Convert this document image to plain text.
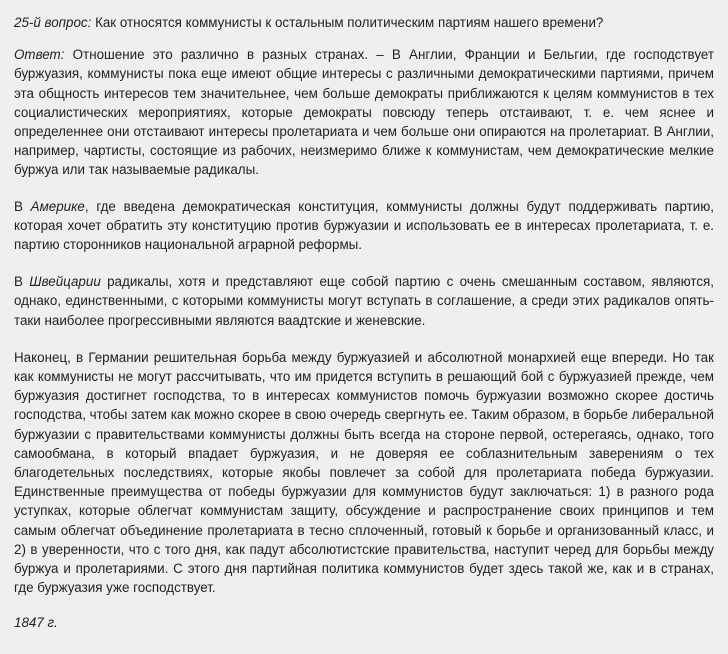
25-й вопрос: Как относятся коммунисты к остальным политическим партиям нашего времени?

Ответ: Отношение это различно в разных странах. – В Англии, Франции и Бельгии, где господствует буржуазия, коммунисты пока еще имеют общие интересы с различными демократическими партиями, причем эта общность интересов тем значительнее, чем больше демократы приближаются к целям коммунистов в тех социалистических мероприятиях, которые демократы повсюду теперь отстаивают, т. е. чем яснее и определеннее они отстаивают интересы пролетариата и чем больше они опираются на пролетариат. В Англии, например, чартисты, состоящие из рабочих, неизмеримо ближе к коммунистам, чем демократические мелкие буржуа или так называемые радикалы.

В Америке, где введена демократическая конституция, коммунисты должны будут поддерживать партию, которая хочет обратить эту конституцию против буржуазии и использовать ее в интересах пролетариата, т. е. партию сторонников национальной аграрной реформы.

В Швейцарии радикалы, хотя и представляют еще собой партию с очень смешанным составом, являются, однако, единственными, с которыми коммунисты могут вступать в соглашение, а среди этих радикалов опять-таки наиболее прогрессивными являются ваадтские и женевские.

Наконец, в Германии решительная борьба между буржуазией и абсолютной монархией еще впереди. Но так как коммунисты не могут рассчитывать, что им придется вступить в решающий бой с буржуазией прежде, чем буржуазия достигнет господства, то в интересах коммунистов помочь буржуазии возможно скорее достичь господства, чтобы затем как можно скорее в свою очередь свергнуть ее. Таким образом, в борьбе либеральной буржуазии с правительствами коммунисты должны быть всегда на стороне первой, остерегаясь, однако, того самообмана, в который впадает буржуазия, и не доверяя ее соблазнительным заверениям о тех благодетельных последствиях, которые якобы повлечет за собой для пролетариата победа буржуазии. Единственные преимущества от победы буржуазии для коммунистов будут заключаться: 1) в разного рода уступках, которые облегчат коммунистам защиту, обсуждение и распространение своих принципов и тем самым облегчат объединение пролетариата в тесно сплоченный, готовый к борьбе и организованный класс, и 2) в уверенности, что с того дня, как падут абсолютистские правительства, наступит черед для борьбы между буржуа и пролетариями. С этого дня партийная политика коммунистов будет здесь такой же, как и в странах, где буржуазия уже господствует.

1847 г.
